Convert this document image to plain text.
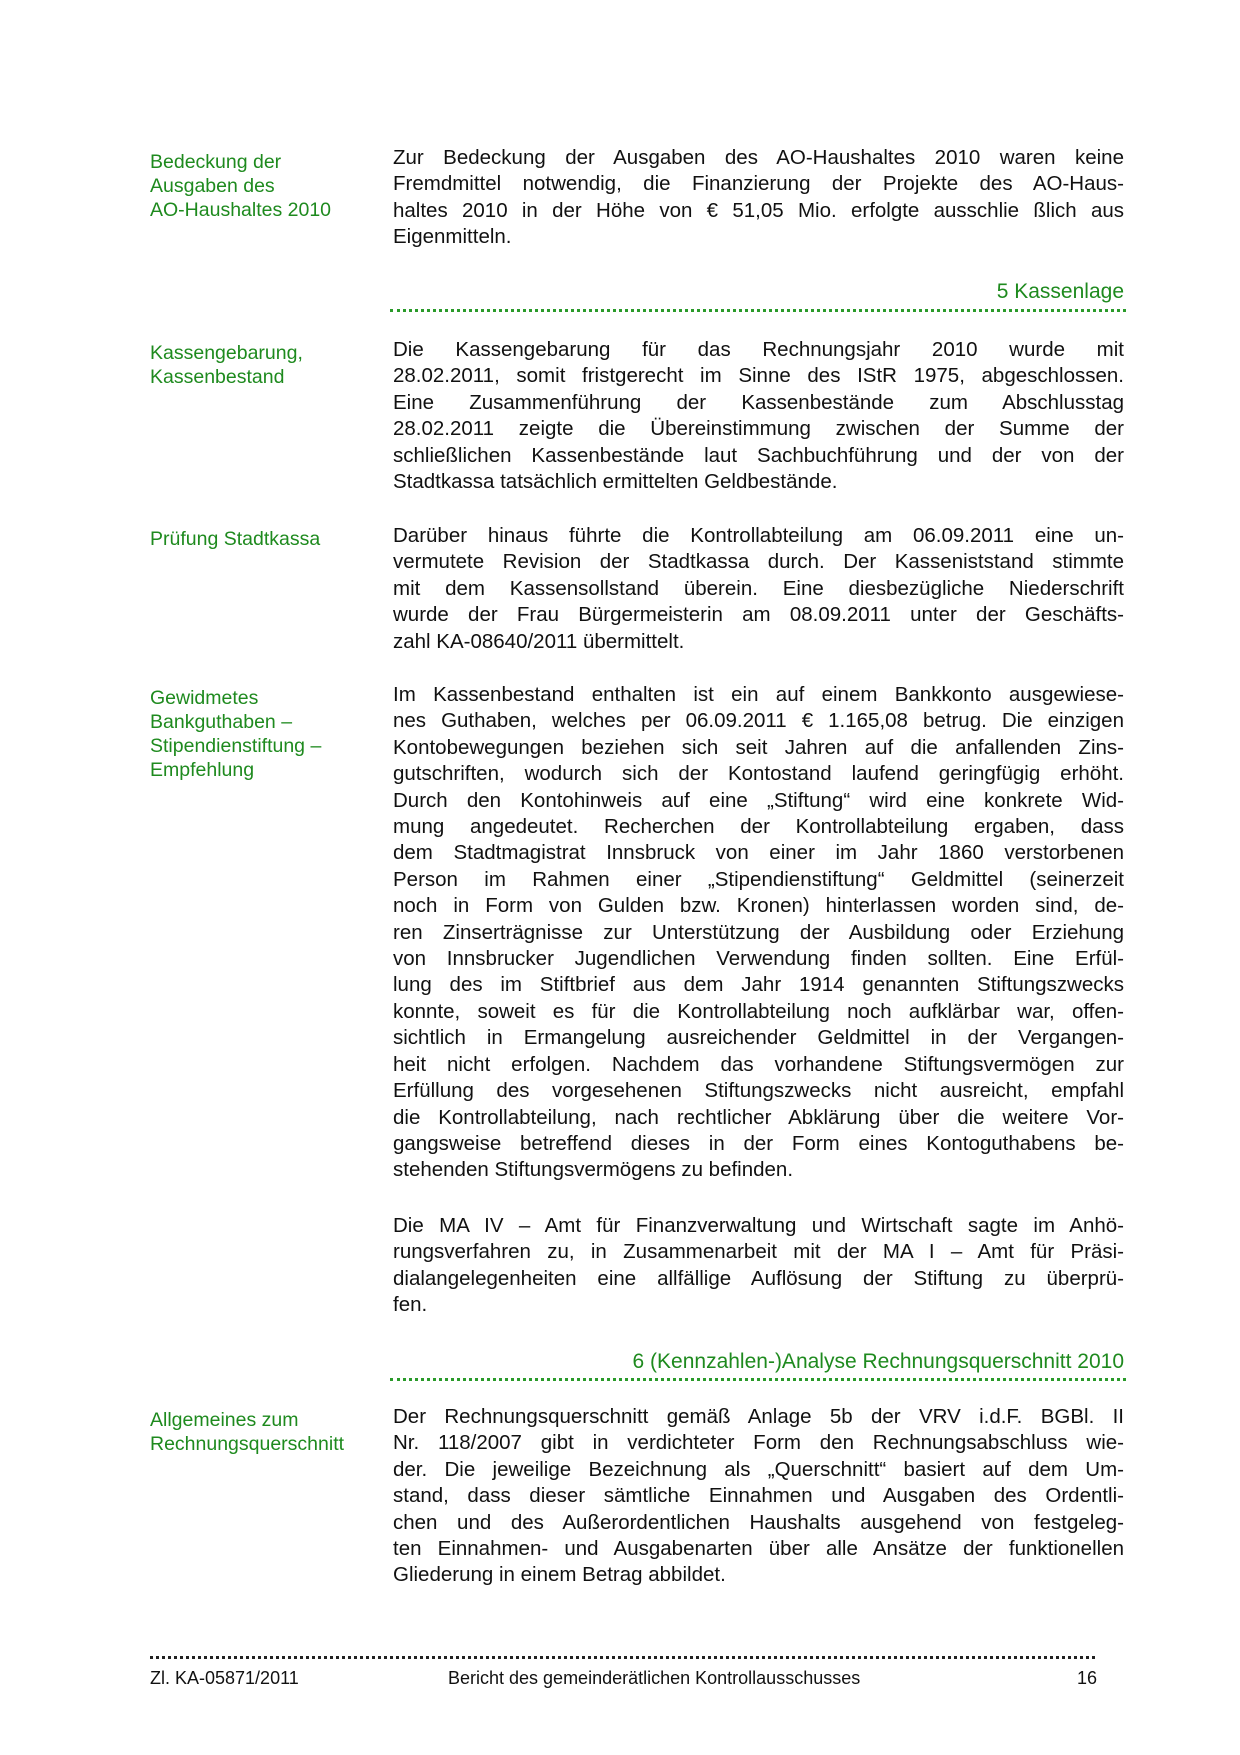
Bedeckung der
Ausgaben des
AO-Haushaltes 2010
Zur Bedeckung der Ausgaben des AO-Haushaltes 2010 waren keine
Fremdmittel notwendig, die Finanzierung der Projekte des AO-Haus-
haltes 2010 in der Höhe von € 51,05 Mio. erfolgte ausschlie ßlich aus
Eigenmitteln.
5 Kassenlage
Kassengebarung,
Kassenbestand
Die Kassengebarung für das Rechnungsjahr 2010 wurde mit
28.02.2011, somit fristgerecht im Sinne des IStR 1975, abgeschlossen.
Eine Zusammenführung der Kassenbestände zum Abschlusstag
28.02.2011 zeigte die Übereinstimmung zwischen der Summe der
schließlichen Kassenbestände laut Sachbuchführung und der von der
Stadtkassa tatsächlich ermittelten Geldbestände.
Prüfung Stadtkassa	Darüber hinaus führte die Kontrollabteilung am 06.09.2011 eine un-
vermutete Revision der Stadtkassa durch. Der Kasseniststand stimmte
mit dem Kassensollstand überein. Eine diesbezügliche Niederschrift
wurde der Frau Bürgermeisterin am 08.09.2011 unter der Geschäfts-
zahl KA-08640/2011 übermittelt.
Gewidmetes
Bankguthaben –
Stipendienstiftung –
Empfehlung
Im Kassenbestand enthalten ist ein auf einem Bankkonto ausgewiese-
nes Guthaben, welches per 06.09.2011 € 1.165,08 betrug. Die einzigen
Kontobewegungen beziehen sich seit Jahren auf die anfallenden Zins-
gutschriften, wodurch sich der Kontostand laufend geringfügig erhöht.
Durch den Kontohinweis auf eine „Stiftung“ wird eine konkrete Wid-
mung angedeutet. Recherchen der Kontrollabteilung ergaben, dass
dem Stadtmagistrat Innsbruck von einer im Jahr 1860 verstorbenen
Person im Rahmen einer „Stipendienstiftung“ Geldmittel (seinerzeit
noch in Form von Gulden bzw. Kronen) hinterlassen worden sind, de-
ren Zinserträgnisse zur Unterstützung der Ausbildung oder Erziehung
von Innsbrucker Jugendlichen Verwendung finden sollten. Eine Erfül-
lung des im Stiftbrief aus dem Jahr 1914 genannten Stiftungszwecks
konnte, soweit es für die Kontrollabteilung noch aufklärbar war, offen-
sichtlich in Ermangelung ausreichender Geldmittel in der Vergangen-
heit nicht erfolgen. Nachdem das vorhandene Stiftungsvermögen zur
Erfüllung des vorgesehenen Stiftungszwecks nicht ausreicht, empfahl
die Kontrollabteilung, nach rechtlicher Abklärung über die weitere Vor-
gangsweise betreffend dieses in der Form eines Kontoguthabens be-
stehenden Stiftungsvermögens zu befinden.
Die MA IV – Amt für Finanzverwaltung und Wirtschaft sagte im Anhö-
rungsverfahren zu, in Zusammenarbeit mit der MA I – Amt für Präsi-
dialangelegenheiten eine allfällige Auflösung der Stiftung zu überprü-
fen.
6 (Kennzahlen-)Analyse Rechnungsquerschnitt 2010
Allgemeines zum
Rechnungsquerschnitt
Der Rechnungsquerschnitt gemäß Anlage 5b der VRV i.d.F. BGBl. II
Nr. 118/2007 gibt in verdichteter Form den Rechnungsabschluss wie-
der. Die jeweilige Bezeichnung als „Querschnitt“ basiert auf dem Um-
stand, dass dieser sämtliche Einnahmen und Ausgaben des Ordentli-
chen und des Außerordentlichen Haushalts ausgehend von festgeleg-
ten Einnahmen- und Ausgabenarten über alle Ansätze der funktionellen
Gliederung in einem Betrag abbildet.
Zl. KA-05871/2011	Bericht des gemeinderätlichen Kontrollausschusses	16
